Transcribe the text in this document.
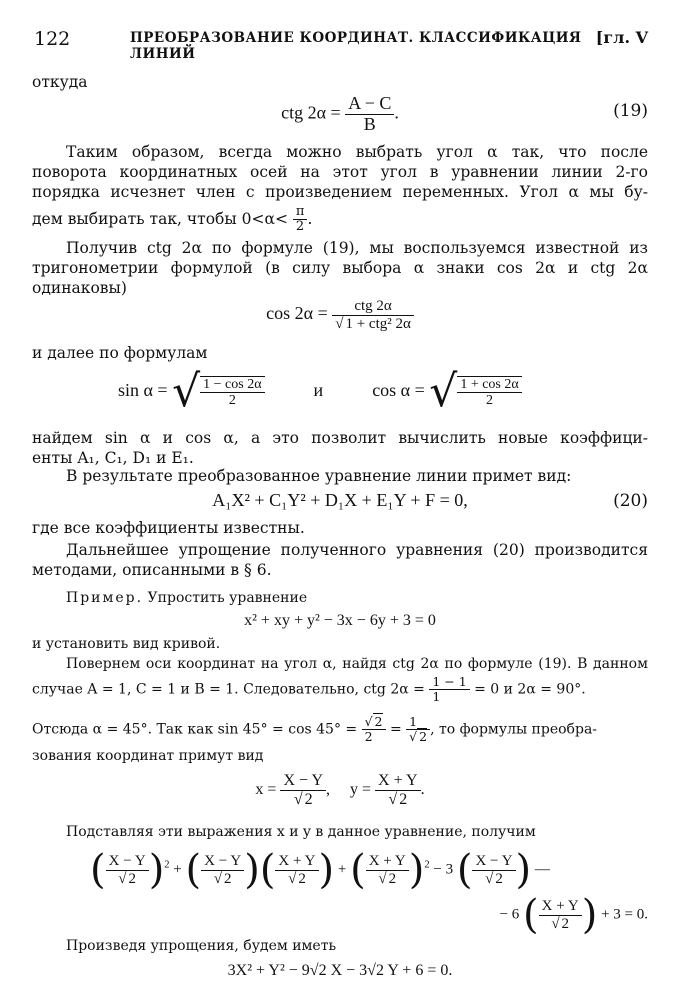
122	ПРЕОБРАЗОВАНИЕ КООРДИНАТ. КЛАССИФИКАЦИЯ ЛИНИЙ
[гл. V
откуда
ctg $2\alpha = \frac{A - C}{B}$ .	(19)
Таким образом, всегда можно выбрать угол α так, что после
поворота координатных осей на этот угол в уравнении линии 2-го
порядка исчезнет член с произведением переменных. Угол α мы бу-
дем выбирать так, чтобы $0<\alpha< \frac{\pi}{2}$ .
Получив ctg 2α по формуле (19), мы воспользуемся известной из
тригонометрии формулой (в силу выбора α знаки cos 2α и ctg 2α
одинаковы)
$\cos 2\alpha = \frac{\text{ctg 2α}}{\text{√ 1 + ctg² 2α}}$
и далее по формулам
sin α = √ $\frac{1 - \cos 2\alpha}{2}$	и	cos α = √ $\frac{1 + \cos 2\alpha}{2}$
найдем sin α и cos α, а это позволит вычислить новые коэффици-
енты A₁, C₁, D₁ и E₁.
В результате преобразованное уравнение линии примет вид:
A₁X² + C₁Y² + D₁X + E₁Y + F = 0,	(20)
где все коэффициенты известны.
Дальнейшее упрощение полученного уравнения (20) производится
методами, описанными в § 6.
Пример. Упростить уравнение
x² + xy + y² − 3x − 6y + 3 = 0
и установить вид кривой.
Повернем оси координат на угол α, найдя ctg 2α по формуле (19). В данном
случае A = 1, C = 1 и B = 1. Следовательно, ctg $2\alpha = \frac{1 - 1}{1} = 0$ и 2α = 90°.
Отсюда α = 45°. Так как $\sin 45^\circ = \cos 45^\circ = \frac{√ 2}{2} = \frac{1}{√ 2}$ , то формулы преобра-
зования координат примут вид
$x = \frac{X - Y}{√ 2}$ ,     $y = \frac{X + Y}{√ 2}$ .
Подставляя эти выражения x и y в данное уравнение, получим
( $\frac{X - Y}{√ 2} )^2$ + ( $\frac{X - Y}{√ 2}$ )( $\frac{X + Y}{√ 2}$ ) + ( $\frac{X + Y}{√ 2} )^2 - 3$ ( $\frac{X - Y}{√ 2}$ ) —
− 6 ( $\frac{X + Y}{√ 2}$ ) + 3 = 0.
Произведя упрощения, будем иметь
3X² + Y² − 9√2 X − 3√2 Y + 6 = 0.
